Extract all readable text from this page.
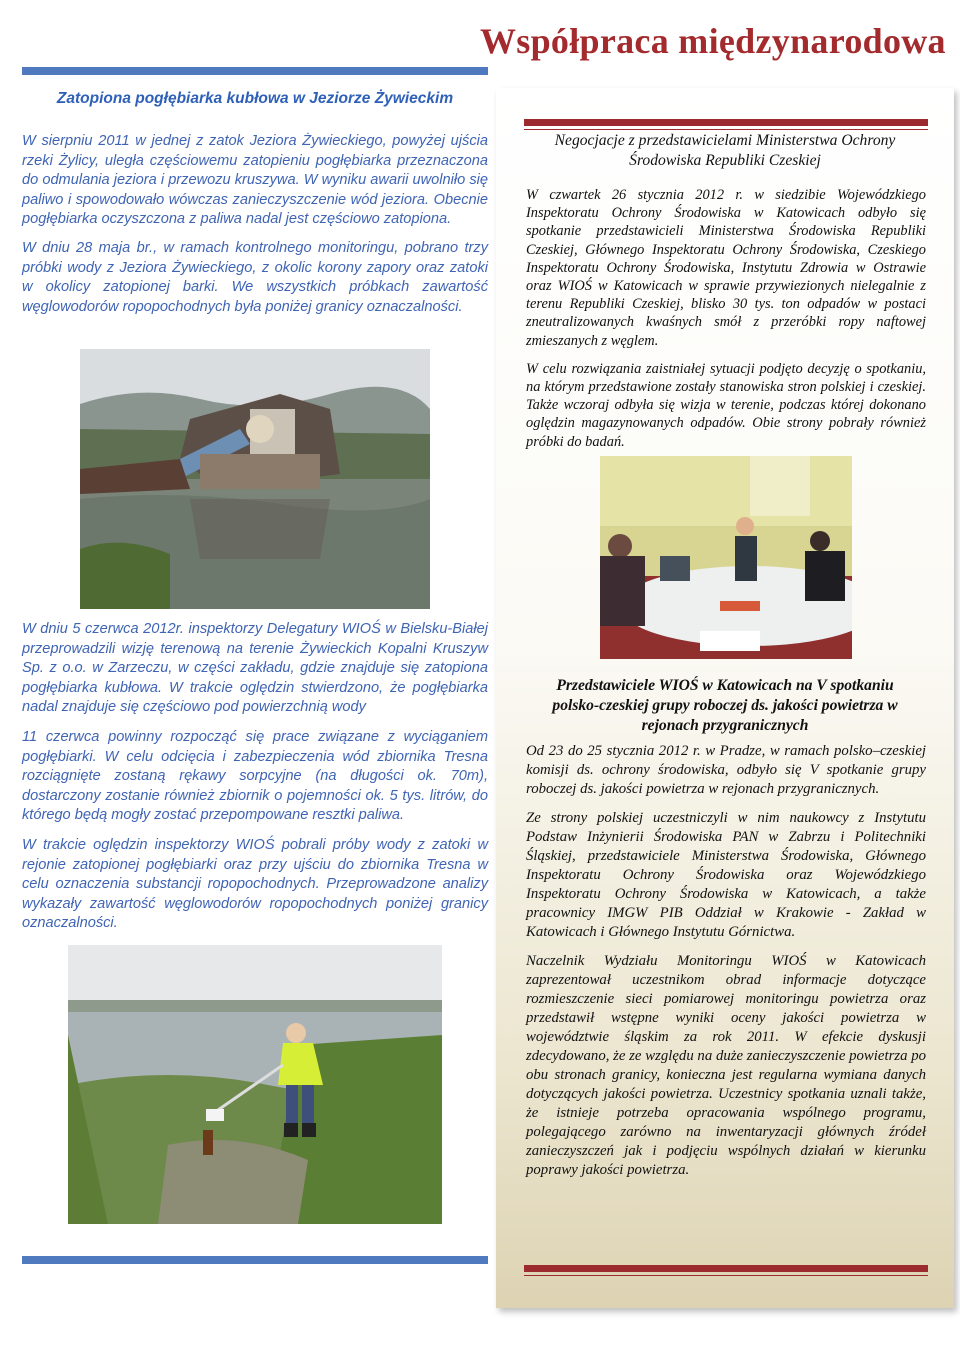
Współpraca międzynarodowa
Zatopiona pogłębiarka kubłowa w Jeziorze Żywieckim

W sierpniu 2011 w jednej z zatok Jeziora Żywieckiego, powyżej ujścia rzeki Żylicy, uległa częściowemu zatopieniu pogłębiarka przeznaczona do odmulania jeziora i przewozu kruszywa. W wyniku awarii uwolniło się paliwo i spowodowało wówczas zanieczyszczenie wód jeziora. Obecnie pogłębiarka oczyszczona z paliwa nadal jest częściowo zatopiona.

W dniu 28 maja br., w ramach kontrolnego monitoringu, pobrano trzy próbki wody z Jeziora Żywieckiego, z okolic korony zapory oraz zatoki w okolicy zatopionej barki. We wszystkich próbkach zawartość węglowodorów ropopochodnych była poniżej granicy oznaczalności.

W dniu 5 czerwca 2012r. inspektorzy Delegatury WIOŚ w Bielsku-Białej przeprowadzili wizję terenową na terenie Żywieckich Kopalni Kruszyw Sp. z o.o. w Zarzeczu, w części zakładu, gdzie znajduje się zatopiona pogłębiarka kubłowa. W trakcie oględzin stwierdzono, że pogłębiarka nadal znajduje się częściowo pod powierzchnią wody

11 czerwca powinny rozpocząć się prace związane z wyciąganiem pogłębiarki. W celu odcięcia i zabezpieczenia wód zbiornika Tresna rozciągnięte zostaną rękawy sorpcyjne (na długości ok. 70m), dostarczony zostanie również zbiornik o pojemności ok. 5 tys. litrów, do którego będą mogły zostać przepompowane resztki paliwa.

W trakcie oględzin inspektorzy WIOŚ pobrali próby wody z zatoki w rejonie zatopionej pogłębiarki oraz przy ujściu do zbiornika Tresna w celu oznaczenia substancji ropopochodnych. Przeprowadzone analizy wykazały zawartość węglowodorów ropopochodnych poniżej granicy oznaczalności.

Negocjacje z przedstawicielami Ministerstwa Ochrony Środowiska Republiki Czeskiej

W czwartek 26 stycznia 2012 r. w siedzibie Wojewódzkiego Inspektoratu Ochrony Środowiska w Katowicach odbyło się spotkanie przedstawicieli Ministerstwa Środowiska Republiki Czeskiej, Głównego Inspektoratu Ochrony Środowiska, Czeskiego Inspektoratu Ochrony Środowiska, Instytutu Zdrowia w Ostrawie oraz WIOŚ w Katowicach w sprawie przywiezionych nielegalnie z terenu Republiki Czeskiej, blisko 30 tys. ton odpadów w postaci zneutralizowanych kwaśnych smół z przeróbki ropy naftowej zmieszanych z węglem.

W celu rozwiązania zaistniałej sytuacji podjęto decyzję o spotkaniu, na którym przedstawione zostały stanowiska stron polskiej i czeskiej. Także wczoraj odbyła się wizja w terenie, podczas której dokonano oględzin magazynowanych odpadów. Obie strony pobrały również próbki do badań.

Przedstawiciele WIOŚ w Katowicach na V spotkaniu polsko-czeskiej grupy roboczej ds. jakości powietrza w rejonach przygranicznych

Od 23 do 25 stycznia 2012 r. w Pradze, w ramach polsko–czeskiej komisji ds. ochrony środowiska, odbyło się V spotkanie grupy roboczej ds. jakości powietrza w rejonach przygranicznych.

Ze strony polskiej uczestniczyli w nim naukowcy z Instytutu Podstaw Inżynierii Środowiska PAN w Zabrzu i Politechniki Śląskiej, przedstawiciele Ministerstwa Środowiska, Głównego Inspektoratu Ochrony Środowiska oraz Wojewódzkiego Inspektoratu Ochrony Środowiska w Katowicach, a także pracownicy IMGW PIB Oddział w Krakowie - Zakład w Katowicach i Głównego Instytutu Górnictwa.

Naczelnik Wydziału Monitoringu WIOŚ w Katowicach zaprezentował uczestnikom obrad informacje dotyczące rozmieszczenie sieci pomiarowej monitoringu powietrza oraz przedstawił wstępne wyniki oceny jakości powietrza w województwie śląskim za rok 2011. W efekcie dyskusji zdecydowano, że ze względu na duże zanieczyszczenie powietrza po obu stronach granicy, konieczna jest regularna wymiana danych dotyczących jakości powietrza. Uczestnicy spotkania uznali także, że istnieje potrzeba opracowania wspólnego programu, polegającego zarówno na inwentaryzacji głównych źródeł zanieczyszczeń jak i podjęciu wspólnych działań w kierunku poprawy jakości powietrza.
